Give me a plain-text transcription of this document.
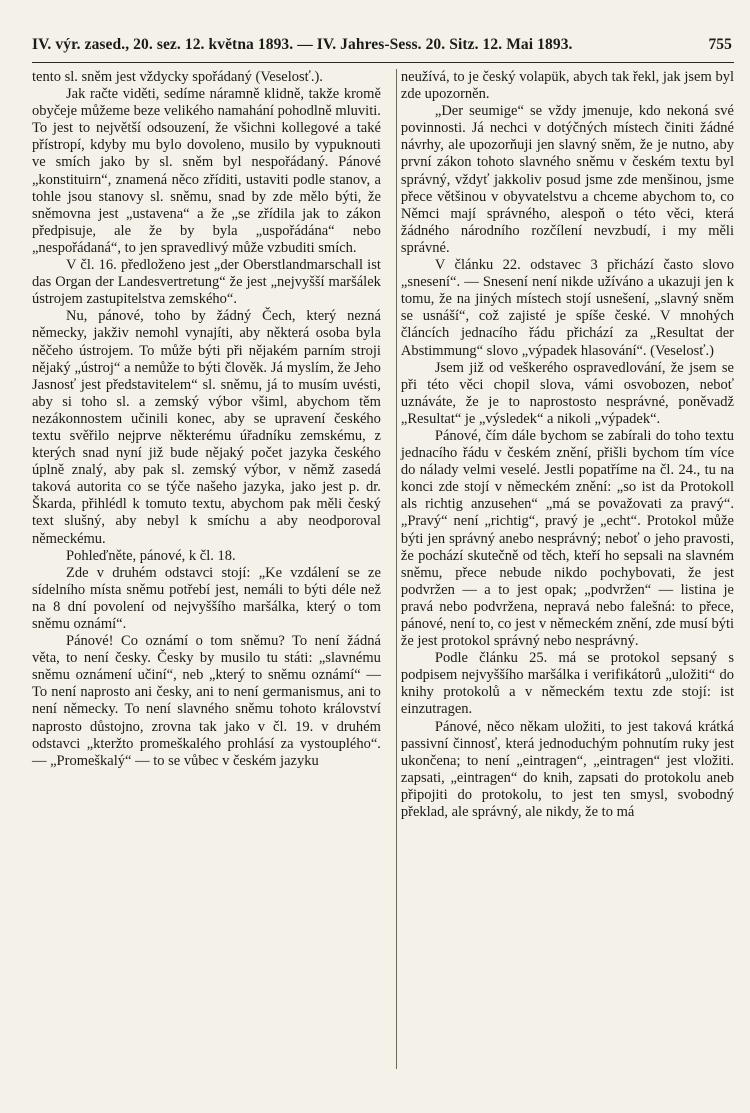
IV. výr. zased., 20. sez. 12. května 1893. — IV. Jahres-Sess. 20. Sitz. 12. Mai 1893.	755

tento sl. sněm jest vždycky spořádaný (Veselosť.).

Jak račte viděti, sedíme náramně klidně, takže kromě obyčeje můžeme beze velikého namahání pohodlně mluviti. To jest to největší odsouzení, že všichni kollegové a také přístropí, kdyby mu bylo dovoleno, musilo by vypuknouti ve smích jako by sl. sněm byl nespořádaný. Pánové „konstituirn“, znamená něco zříditi, ustaviti podle stanov, a tohle jsou stanovy sl. sněmu, snad by zde mělo býti, že sněmovna jest „ustavena“ a že „se zřídila jak to zákon předpisuje, ale že by byla „uspořádána“ nebo „nespořádaná“, to jen spravedlivý může vzbuditi smích.

V čl. 16. předloženo jest „der Oberstlandmarschall ist das Organ der Landesvertretung“ že jest „nejvyšší maršálek ústrojem zastupitelstva zemského“.

Nu, pánové, toho by žádný Čech, který nezná německy, jakživ nemohl vynajíti, aby některá osoba byla něčeho ústrojem. To může býti při nějakém parním stroji nějaký „ústroj“ a nemůže to býti člověk. Já myslím, že Jeho Jasnosť jest představitelem“ sl. sněmu, já to musím uvésti, aby si toho sl. a zemský výbor všiml, abychom těm nezákonnostem učinili konec, aby se upravení českého textu svěřilo nejprve některému úřadníku zemskému, z kterých snad nyní již bude nějaký počet jazyka českého úplně znalý, aby pak sl. zemský výbor, v němž zasedá taková autorita co se týče našeho jazyka, jako jest p. dr. Škarda, přihlédl k tomuto textu, abychom pak měli český text slušný, aby nebyl k smíchu a aby neodporoval německému.

Pohleďněte, pánové, k čl. 18.

Zde v druhém odstavci stojí: „Ke vzdálení se ze sídelního místa sněmu potřebí jest, nemáli to býti déle než na 8 dní povolení od nejvyššího maršálka, který o tom sněmu oznámí“.

Pánové! Co oznámí o tom sněmu? To není žádná věta, to není česky. Česky by musilo tu státi: „slavnému sněmu oznámení učiní“, neb „který to sněmu oznámí“ — To není naprosto ani česky, ani to není germanismus, ani to není německy. To není slavného sněmu tohoto království naprosto důstojno, zrovna tak jako v čl. 19. v druhém odstavci „kteržto promeškalého prohlásí za vystouplého“. — „Promeškalý“ — to se vůbec v českém jazyku

neužívá, to je český volapük, abych tak řekl, jak jsem byl zde upozorněn.

„Der seumige“ se vždy jmenuje, kdo nekoná své povinnosti. Já nechci v dotýčných místech činiti žádné návrhy, ale upozorňuji jen slavný sněm, že je nutno, aby první zákon tohoto slavného sněmu v českém textu byl správný, vždyť jakkoliv posud jsme zde menšinou, jsme přece většinou v obyvatelstvu a chceme abychom to, co Němci mají správného, alespoň o této věci, která žádného národního rozčílení nevzbudí, i my měli správné.

V článku 22. odstavec 3 přichází často slovo „snesení“. — Snesení není nikde užíváno a ukazuji jen k tomu, že na jiných místech stojí usnešení, „slavný sněm se usnáší“, což zajisté je spíše české. V mnohých článcích jednacího řádu přichází za „Resultat der Abstimmung“ slovo „výpadek hlasování“. (Veselosť.)

Jsem již od veškerého ospravedlování, že jsem se při této věci chopil slova, vámi osvobozen, neboť uznáváte, že je to naprostosto nesprávné, poněvadž „Resultat“ je „výsledek“ a nikoli „výpadek“.

Pánové, čím dále bychom se zabírali do toho textu jednacího řádu v českém znění, přišli bychom tím více do nálady velmi veselé. Jestli popatříme na čl. 24., tu na konci zde stojí v německém znění: „so ist da Protokoll als richtig anzusehen“ „má se považovati za pravý“. „Pravý“ není „richtig“, pravý je „echt“. Protokol může býti jen správný anebo nesprávný; neboť o jeho pravosti, že pochází skutečně od těch, kteří ho sepsali na slavném sněmu, přece nebude nikdo pochybovati, že jest podvržen — a to jest opak; „podvržen“ — listina je pravá nebo podvržena, nepravá nebo falešná: to přece, pánové, není to, co jest v německém znění, zde musí býti že jest protokol správný nebo nesprávný.

Podle článku 25. má se protokol sepsaný s podpisem nejvyššího maršálka i verifikátorů „uložiti“ do knihy protokolů a v německém textu zde stojí: ist einzutragen.

Pánové, něco někam uložiti, to jest taková krátká passivní činnosť, která jednoduchým pohnutím ruky jest ukončena; to není „eintragen“, „eintragen“ jest vložiti. zapsati, „eintragen“ do knih, zapsati do protokolu aneb připojiti do protokolu, to jest ten smysl, svobodný překlad, ale správný, ale nikdy, že to má
